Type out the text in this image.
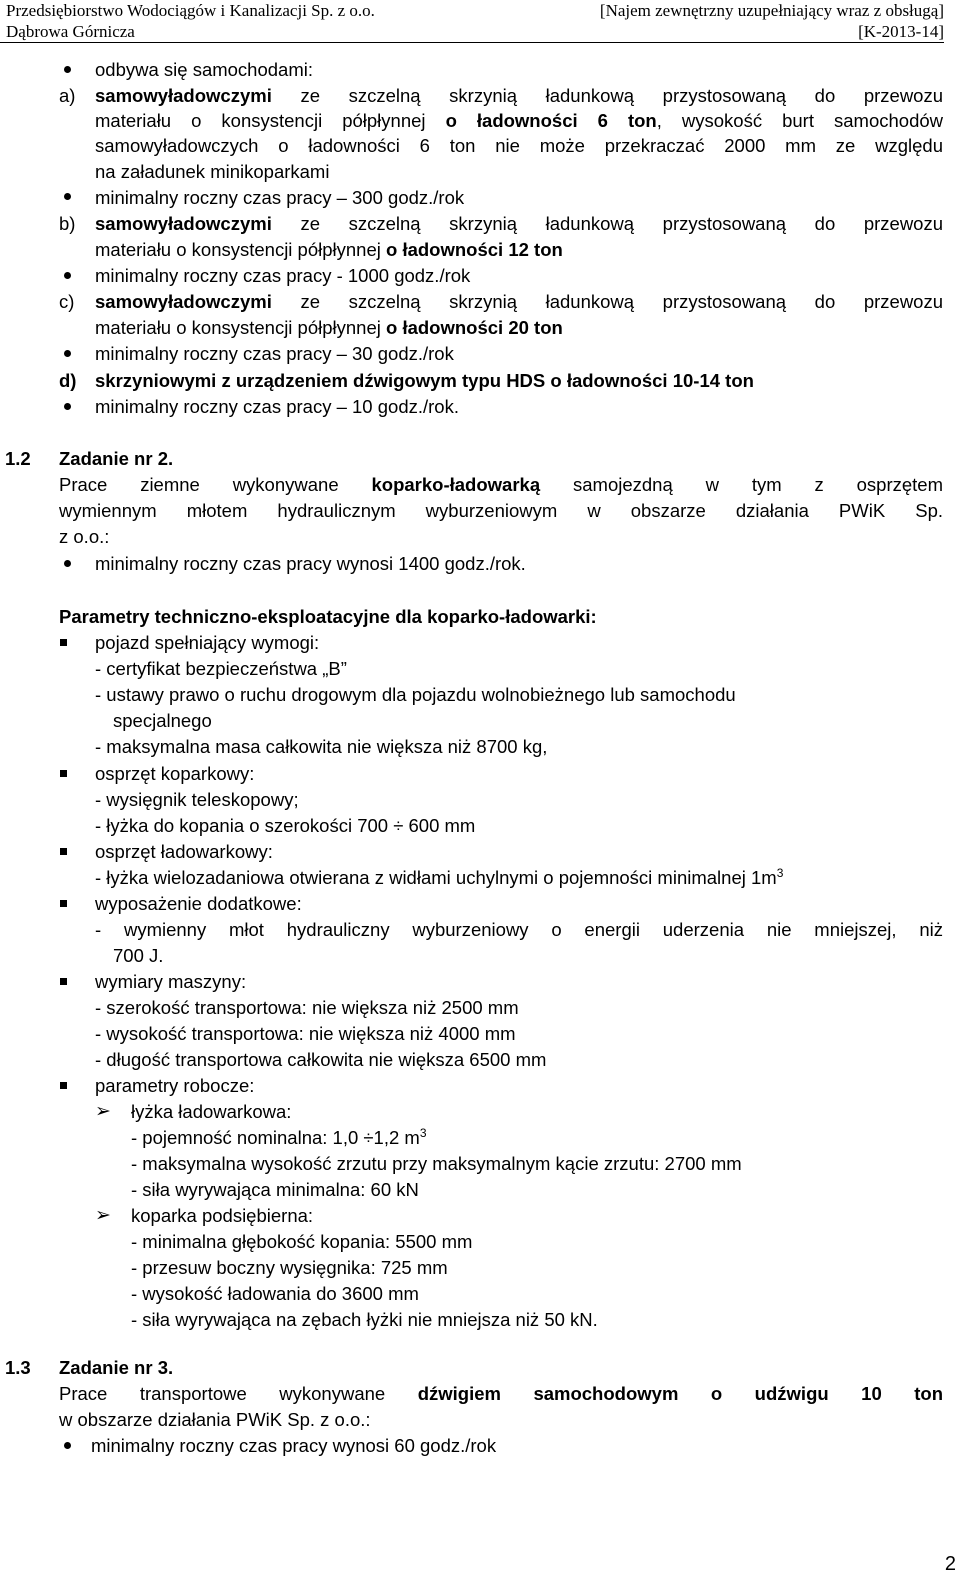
Przedsiębiorstwo Wodociągów i Kanalizacji Sp. z o.o.
Dąbrowa Górnicza
[Najem zewnętrzny uzupełniający wraz z obsługą]
[K-2013-14]
odbywa się samochodami:
a) samowyładowczymi ze szczelną skrzynią ładunkową przystosowaną do przewozu
materiału o konsystencji półpłynnej o ładowności 6 ton, wysokość burt samochodów
samowyładowczych o ładowności 6 ton nie może przekraczać 2000 mm ze względu
na załadunek minikoparkami
minimalny roczny czas pracy – 300 godz./rok
b) samowyładowczymi ze szczelną skrzynią ładunkową przystosowaną do przewozu
materiału o konsystencji półpłynnej o ładowności 12 ton
minimalny roczny czas pracy - 1000 godz./rok
c) samowyładowczymi ze szczelną skrzynią ładunkową przystosowaną do przewozu
materiału o konsystencji półpłynnej o ładowności 20 ton
minimalny roczny czas pracy – 30 godz./rok
d) skrzyniowymi z urządzeniem dźwigowym typu HDS o ładowności 10-14 ton
minimalny roczny czas pracy – 10 godz./rok.
1.2 Zadanie nr 2.
Prace ziemne wykonywane koparko-ładowarką samojezdną w tym z osprzętem
wymiennym młotem hydraulicznym wyburzeniowym w obszarze działania PWiK Sp.
z o.o.:
minimalny roczny czas pracy wynosi 1400 godz./rok.
Parametry techniczno-eksploatacyjne dla koparko-ładowarki:
pojazd spełniający wymogi:
- certyfikat bezpieczeństwa „B”
- ustawy prawo o ruchu drogowym dla pojazdu wolnobieżnego lub samochodu
specjalnego
- maksymalna masa całkowita nie większa niż 8700 kg,
osprzęt koparkowy:
- wysięgnik teleskopowy;
- łyżka do kopania o szerokości 700 ÷ 600 mm
osprzęt ładowarkowy:
- łyżka wielozadaniowa otwierana z widłami uchylnymi o pojemności minimalnej $1m^3$
wyposażenie dodatkowe:
- wymienny młot hydrauliczny wyburzeniowy o energii uderzenia nie mniejszej, niż
700 J.
wymiary maszyny:
- szerokość transportowa: nie większa niż 2500 mm
- wysokość transportowa: nie większa niż 4000 mm
- długość transportowa całkowita nie większa 6500 mm
parametry robocze:
➢ łyżka ładowarkowa:
- pojemność nominalna: 1,0 ÷1,2 $m^3$
- maksymalna wysokość zrzutu przy maksymalnym kącie zrzutu: 2700 mm
- siła wyrywająca minimalna: 60 kN
➢ koparka podsiębierna:
- minimalna głębokość kopania: 5500 mm
- przesuw boczny wysięgnika: 725 mm
- wysokość ładowania do 3600 mm
- siła wyrywająca na zębach łyżki nie mniejsza niż 50 kN.
1.3 Zadanie nr 3.
Prace transportowe wykonywane dźwigiem samochodowym o udźwigu 10 ton
w obszarze działania PWiK Sp. z o.o.:
minimalny roczny czas pracy wynosi 60 godz./rok
2
